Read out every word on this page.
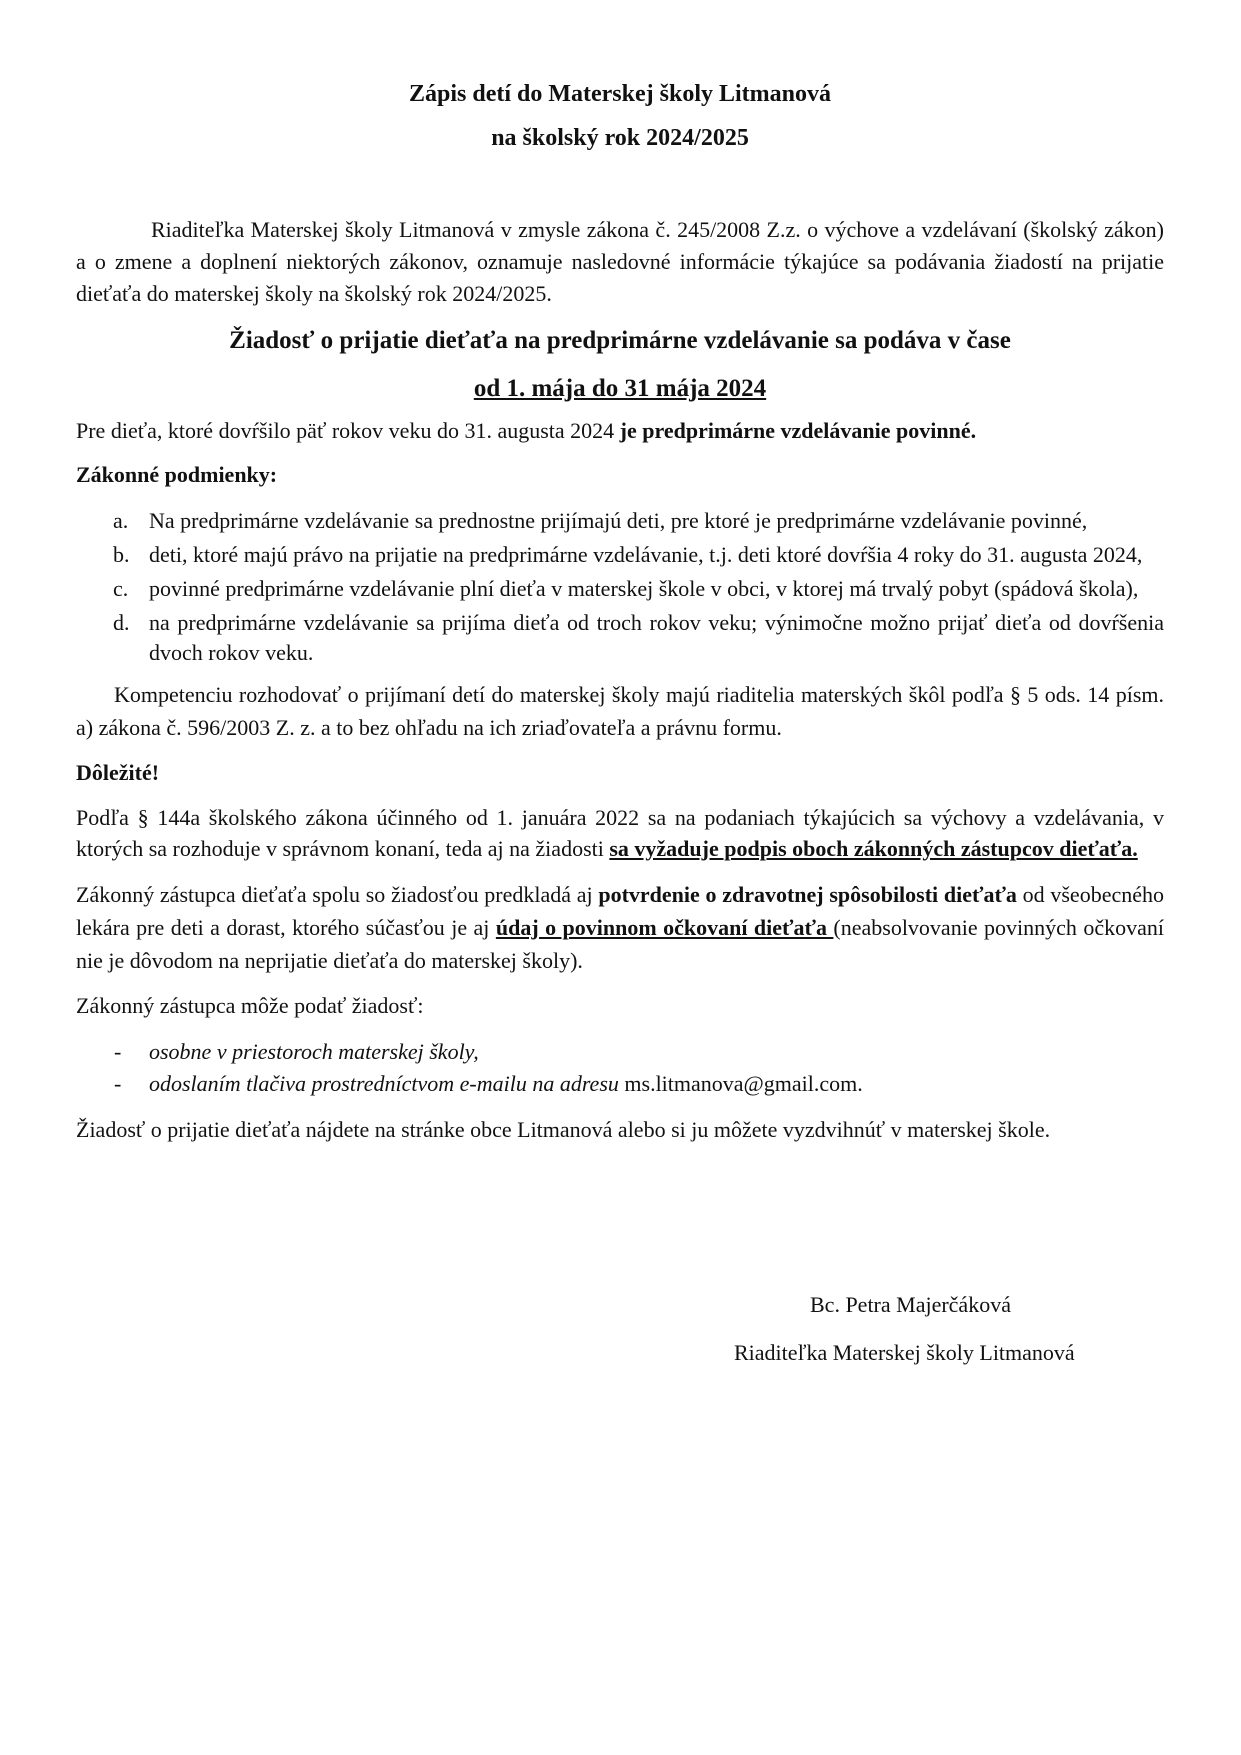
Zápis detí do Materskej školy Litmanová

na školský rok 2024/2025

Riaditeľka Materskej školy Litmanová v zmysle zákona č. 245/2008 Z.z. o výchove a vzdelávaní (školský zákon) a o zmene a doplnení niektorých zákonov, oznamuje nasledovné informácie týkajúce sa podávania žiadostí na prijatie dieťaťa do materskej školy na školský rok 2024/2025.

Žiadosť o prijatie dieťaťa na predprimárne vzdelávanie sa podáva v čase

od 1. mája do 31 mája 2024

Pre dieťa, ktoré dovŕšilo päť rokov veku do 31. augusta 2024 je predprimárne vzdelávanie povinné.

Zákonné podmienky:

a. Na predprimárne vzdelávanie sa prednostne prijímajú deti, pre ktoré je predprimárne vzdelávanie povinné,
b. deti, ktoré majú právo na prijatie na predprimárne vzdelávanie, t.j. deti ktoré dovŕšia 4 roky do 31. augusta 2024,
c. povinné predprimárne vzdelávanie plní dieťa v materskej škole v obci, v ktorej má trvalý pobyt (spádová škola),
d. na predprimárne vzdelávanie sa prijíma dieťa od troch rokov veku; výnimočne možno prijať dieťa od dovŕšenia dvoch rokov veku.

Kompetenciu rozhodovať o prijímaní detí do materskej školy majú riaditelia materských škôl podľa § 5 ods. 14 písm. a) zákona č. 596/2003 Z. z. a to bez ohľadu na ich zriaďovateľa a právnu formu.

Dôležité!

Podľa § 144a školského zákona účinného od 1. januára 2022 sa na podaniach týkajúcich sa výchovy a vzdelávania, v ktorých sa rozhoduje v správnom konaní, teda aj na žiadosti sa vyžaduje podpis oboch zákonných zástupcov dieťaťa.

Zákonný zástupca dieťaťa spolu so žiadosťou predkladá aj potvrdenie o zdravotnej spôsobilosti dieťaťa od všeobecného lekára pre deti a dorast, ktorého súčasťou je aj údaj o povinnom očkovaní dieťaťa (neabsolvovanie povinných očkovaní nie je dôvodom na neprijatie dieťaťa do materskej školy).

Zákonný zástupca môže podať žiadosť:

- osobne v priestoroch materskej školy,
- odoslaním tlačiva prostredníctvom e-mailu na adresu ms.litmanova@gmail.com.

Žiadosť o prijatie dieťaťa nájdete na stránke obce Litmanová alebo si ju môžete vyzdvihnúť v materskej škole.

Bc. Petra Majerčáková
Riaditeľka Materskej školy Litmanová
